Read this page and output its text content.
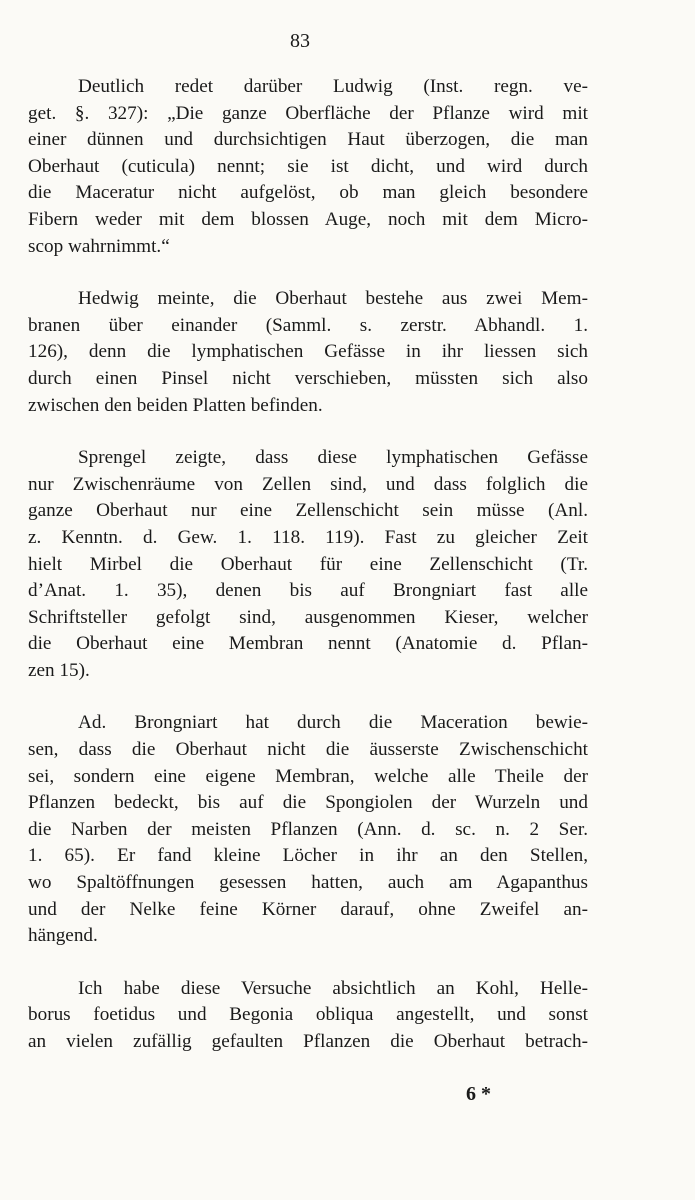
83
Deutlich redet darüber Ludwig (Inst. regn. ve-
get. §. 327): „Die ganze Oberfläche der Pflanze wird mit
einer dünnen und durchsichtigen Haut überzogen, die man
Oberhaut (cuticula) nennt; sie ist dicht, und wird durch
die Maceratur nicht aufgelöst, ob man gleich besondere
Fibern weder mit dem blossen Auge, noch mit dem Micro-
scop wahrnimmt.“
Hedwig meinte, die Oberhaut bestehe aus zwei Mem-
branen über einander (Samml. s. zerstr. Abhandl. 1.
126), denn die lymphatischen Gefässe in ihr liessen sich
durch einen Pinsel nicht verschieben, müssten sich also
zwischen den beiden Platten befinden.
Sprengel zeigte, dass diese lymphatischen Gefässe
nur Zwischenräume von Zellen sind, und dass folglich die
ganze Oberhaut nur eine Zellenschicht sein müsse (Anl.
z. Kenntn. d. Gew. 1. 118. 119). Fast zu gleicher Zeit
hielt Mirbel die Oberhaut für eine Zellenschicht (Tr.
d’Anat. 1. 35), denen bis auf Brongniart fast alle
Schriftsteller gefolgt sind, ausgenommen Kieser, welcher
die Oberhaut eine Membran nennt (Anatomie d. Pflan-
zen 15).
Ad. Brongniart hat durch die Maceration bewie-
sen, dass die Oberhaut nicht die äusserste Zwischenschicht
sei, sondern eine eigene Membran, welche alle Theile der
Pflanzen bedeckt, bis auf die Spongiolen der Wurzeln und
die Narben der meisten Pflanzen (Ann. d. sc. n. 2 Ser.
1. 65). Er fand kleine Löcher in ihr an den Stellen,
wo Spaltöffnungen gesessen hatten, auch am Agapanthus
und der Nelke feine Körner darauf, ohne Zweifel an-
hängend.
Ich habe diese Versuche absichtlich an Kohl, Helle-
borus foetidus und Begonia obliqua angestellt, und sonst
an vielen zufällig gefaulten Pflanzen die Oberhaut betrach-
6 *
